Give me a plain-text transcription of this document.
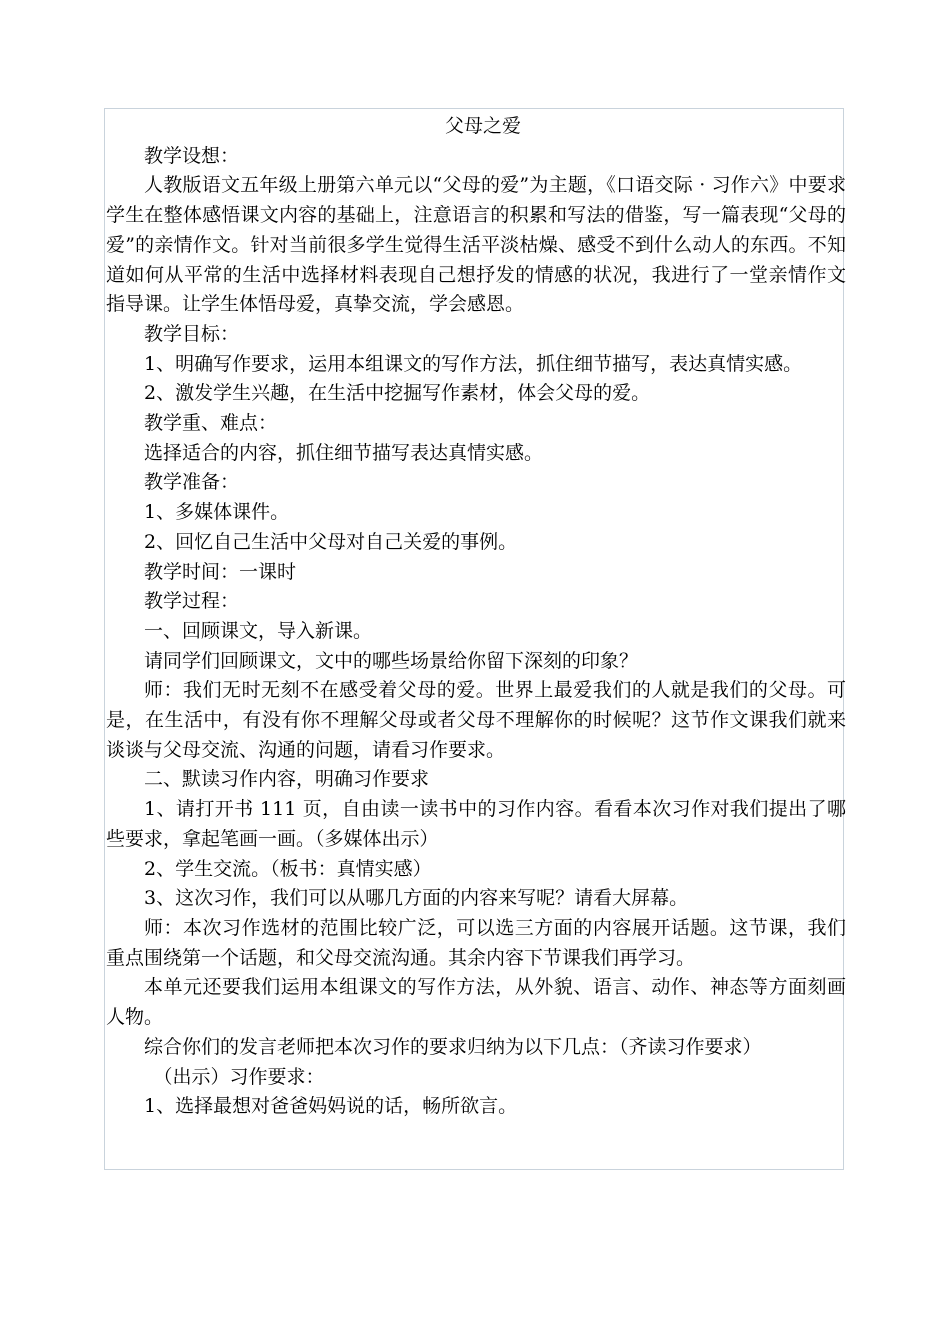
父母之爱

教学设想：

人教版语文五年级上册第六单元以“父母的爱”为主题，《口语交际 · 习作六》中要求学生在整体感悟课文内容的基础上，注意语言的积累和写法的借鉴，写一篇表现“父母的爱”的亲情作文。针对当前很多学生觉得生活平淡枯燥、感受不到什么动人的东西。不知道如何从平常的生活中选择材料表现自己想抒发的情感的状况，我进行了一堂亲情作文指导课。让学生体悟母爱，真挚交流，学会感恩。

教学目标：

1、明确写作要求，运用本组课文的写作方法，抓住细节描写，表达真情实感。

2、激发学生兴趣，在生活中挖掘写作素材，体会父母的爱。

教学重、难点：

选择适合的内容，抓住细节描写表达真情实感。

教学准备：

1、多媒体课件。

2、回忆自己生活中父母对自己关爱的事例。

教学时间：一课时

教学过程：

一、回顾课文，导入新课。

请同学们回顾课文，文中的哪些场景给你留下深刻的印象？

师：我们无时无刻不在感受着父母的爱。世界上最爱我们的人就是我们的父母。可是，在生活中，有没有你不理解父母或者父母不理解你的时候呢？这节作文课我们就来谈谈与父母交流、沟通的问题，请看习作要求。

二、默读习作内容，明确习作要求

1、请打开书 111 页，自由读一读书中的习作内容。看看本次习作对我们提出了哪些要求，拿起笔画一画。（多媒体出示）

2、学生交流。（板书：真情实感）

3、这次习作，我们可以从哪几方面的内容来写呢？请看大屏幕。

师：本次习作选材的范围比较广泛，可以选三方面的内容展开话题。这节课，我们重点围绕第一个话题，和父母交流沟通。其余内容下节课我们再学习。

本单元还要我们运用本组课文的写作方法，从外貌、语言、动作、神态等方面刻画人物。

综合你们的发言老师把本次习作的要求归纳为以下几点：（齐读习作要求）

（出示）习作要求：

1、选择最想对爸爸妈妈说的话，畅所欲言。
